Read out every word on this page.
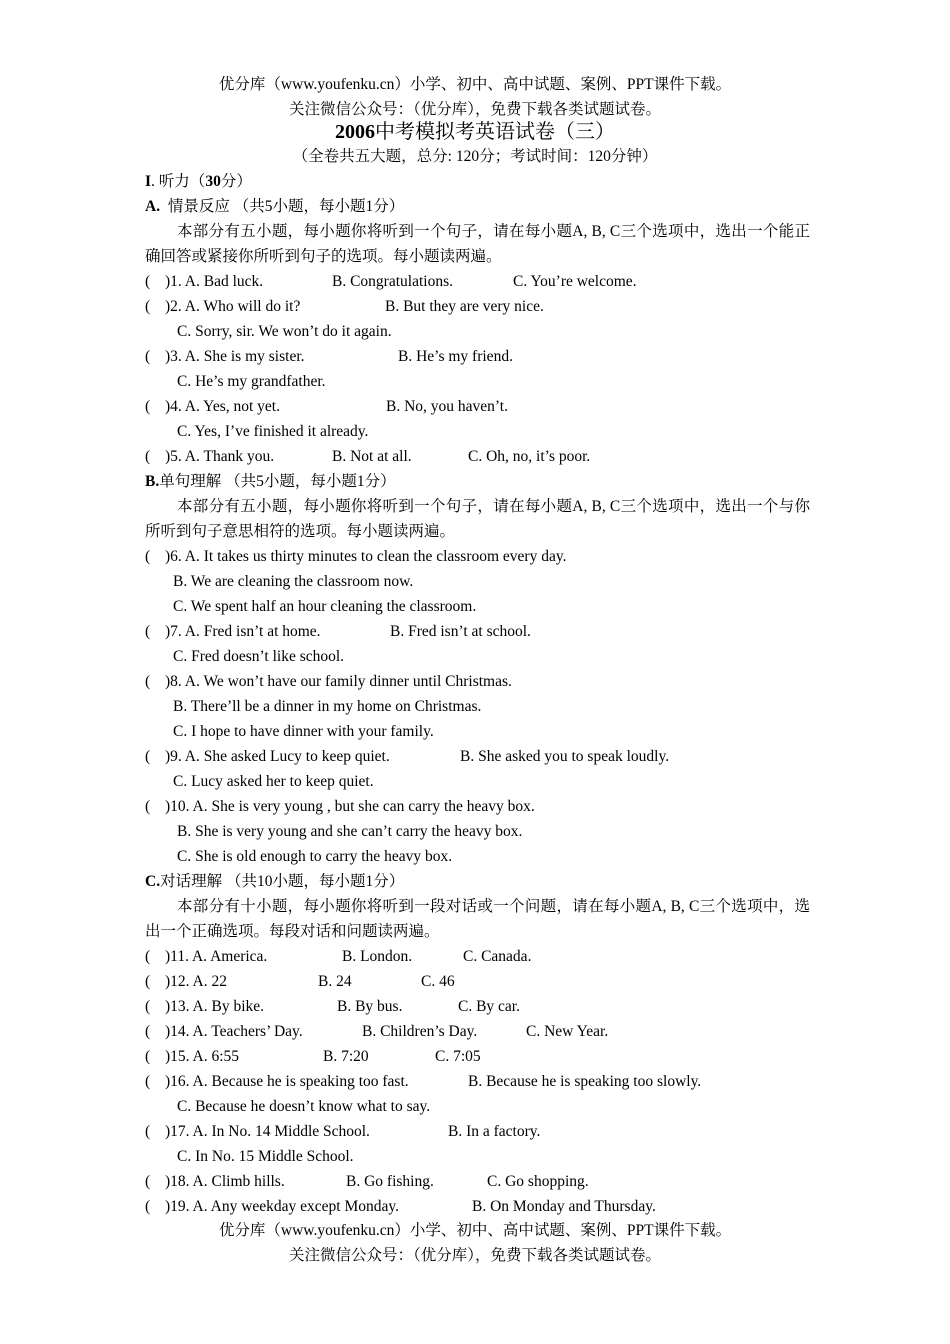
优分库（www.youfenku.cn）小学、初中、高中试题、案例、PPT课件下载。
关注微信公众号：（优分库），免费下载各类试题试卷。
2006中考模拟考英语试卷（三）
（全卷共五大题，总分: 120分；考试时间：120分钟）
I. 听力（30分）
A. 情景反应 （共5小题，每小题1分）
本部分有五小题，每小题你将听到一个句子，请在每小题A, B, C三个选项中，选出一个能正确回答或紧接你所听到句子的选项。每小题读两遍。
( )1. A. Bad luck.	B. Congratulations.	C. You’re welcome.
( )2. A. Who will do it?	B. But they are very nice.
C. Sorry, sir. We won’t do it again.
( )3. A. She is my sister.	B. He’s my friend.
C. He’s my grandfather.
( )4. A. Yes, not yet.	B. No, you haven’t.
C. Yes, I’ve finished it already.
( )5. A. Thank you.	B. Not at all.	C. Oh, no, it’s poor.
B.单句理解 （共5小题，每小题1分）
本部分有五小题，每小题你将听到一个句子，请在每小题A, B, C三个选项中，选出一个与你所听到句子意思相符的选项。每小题读两遍。
( )6. A. It takes us thirty minutes to clean the classroom every day.
B. We are cleaning the classroom now.
C. We spent half an hour cleaning the classroom.
( )7. A. Fred isn’t at home.	B. Fred isn’t at school.
C. Fred doesn’t like school.
( )8. A. We won’t have our family dinner until Christmas.
B. There’ll be a dinner in my home on Christmas.
C. I hope to have dinner with your family.
( )9. A. She asked Lucy to keep quiet.	B. She asked you to speak loudly.
C. Lucy asked her to keep quiet.
( )10. A. She is very young , but she can carry the heavy box.
B. She is very young and she can’t carry the heavy box.
C. She is old enough to carry the heavy box.
C.对话理解 （共10小题，每小题1分）
本部分有十小题，每小题你将听到一段对话或一个问题，请在每小题A, B, C三个选项中，选出一个正确选项。每段对话和问题读两遍。
( )11. A. America.	B. London.	C. Canada.
( )12. A. 22	B. 24	C. 46
( )13. A. By bike.	B. By bus.	C. By car.
( )14. A. Teachers’ Day.	B. Children’s Day.	C. New Year.
( )15. A. 6:55	B. 7:20	C. 7:05
( )16. A. Because he is speaking too fast.	B. Because he is speaking too slowly.
C. Because he doesn’t know what to say.
( )17. A. In No. 14 Middle School.	B. In a factory.
C. In No. 15 Middle School.
( )18. A. Climb hills.	B. Go fishing.	C. Go shopping.
( )19. A. Any weekday except Monday.	B. On Monday and Thursday.
优分库（www.youfenku.cn）小学、初中、高中试题、案例、PPT课件下载。
关注微信公众号：（优分库），免费下载各类试题试卷。
